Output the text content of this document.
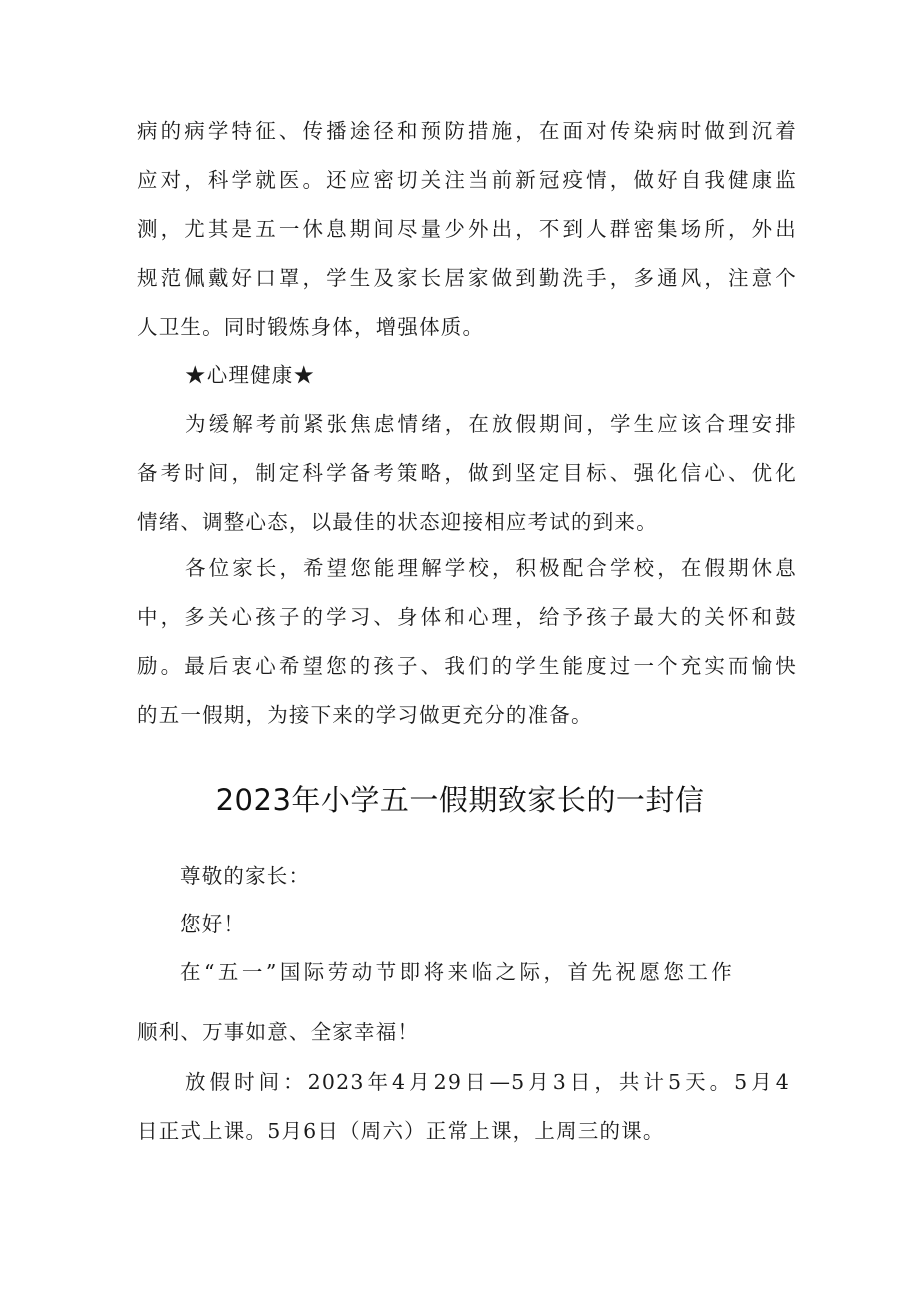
病的病学特征、传播途径和预防措施，在面对传染病时做到沉着
应对，科学就医。还应密切关注当前新冠疫情，做好自我健康监
测，尤其是五一休息期间尽量少外出，不到人群密集场所，外出
规范佩戴好口罩，学生及家长居家做到勤洗手，多通风，注意个
人卫生。同时锻炼身体，增强体质。
★心理健康★
为缓解考前紧张焦虑情绪，在放假期间，学生应该合理安排
备考时间，制定科学备考策略，做到坚定目标、强化信心、优化
情绪、调整心态，以最佳的状态迎接相应考试的到来。
各位家长，希望您能理解学校，积极配合学校，在假期休息
中，多关心孩子的学习、身体和心理，给予孩子最大的关怀和鼓
励。最后衷心希望您的孩子、我们的学生能度过一个充实而愉快
的五一假期，为接下来的学习做更充分的准备。
2023年小学五一假期致家长的一封信
尊敬的家长：
您好！
在“五一”国际劳动节即将来临之际，首先祝愿您工作
顺利、万事如意、全家幸福！
放假时间：2023年4月29日—5月3日，共计5天。5月4
日正式上课。5月6日（周六）正常上课，上周三的课。
